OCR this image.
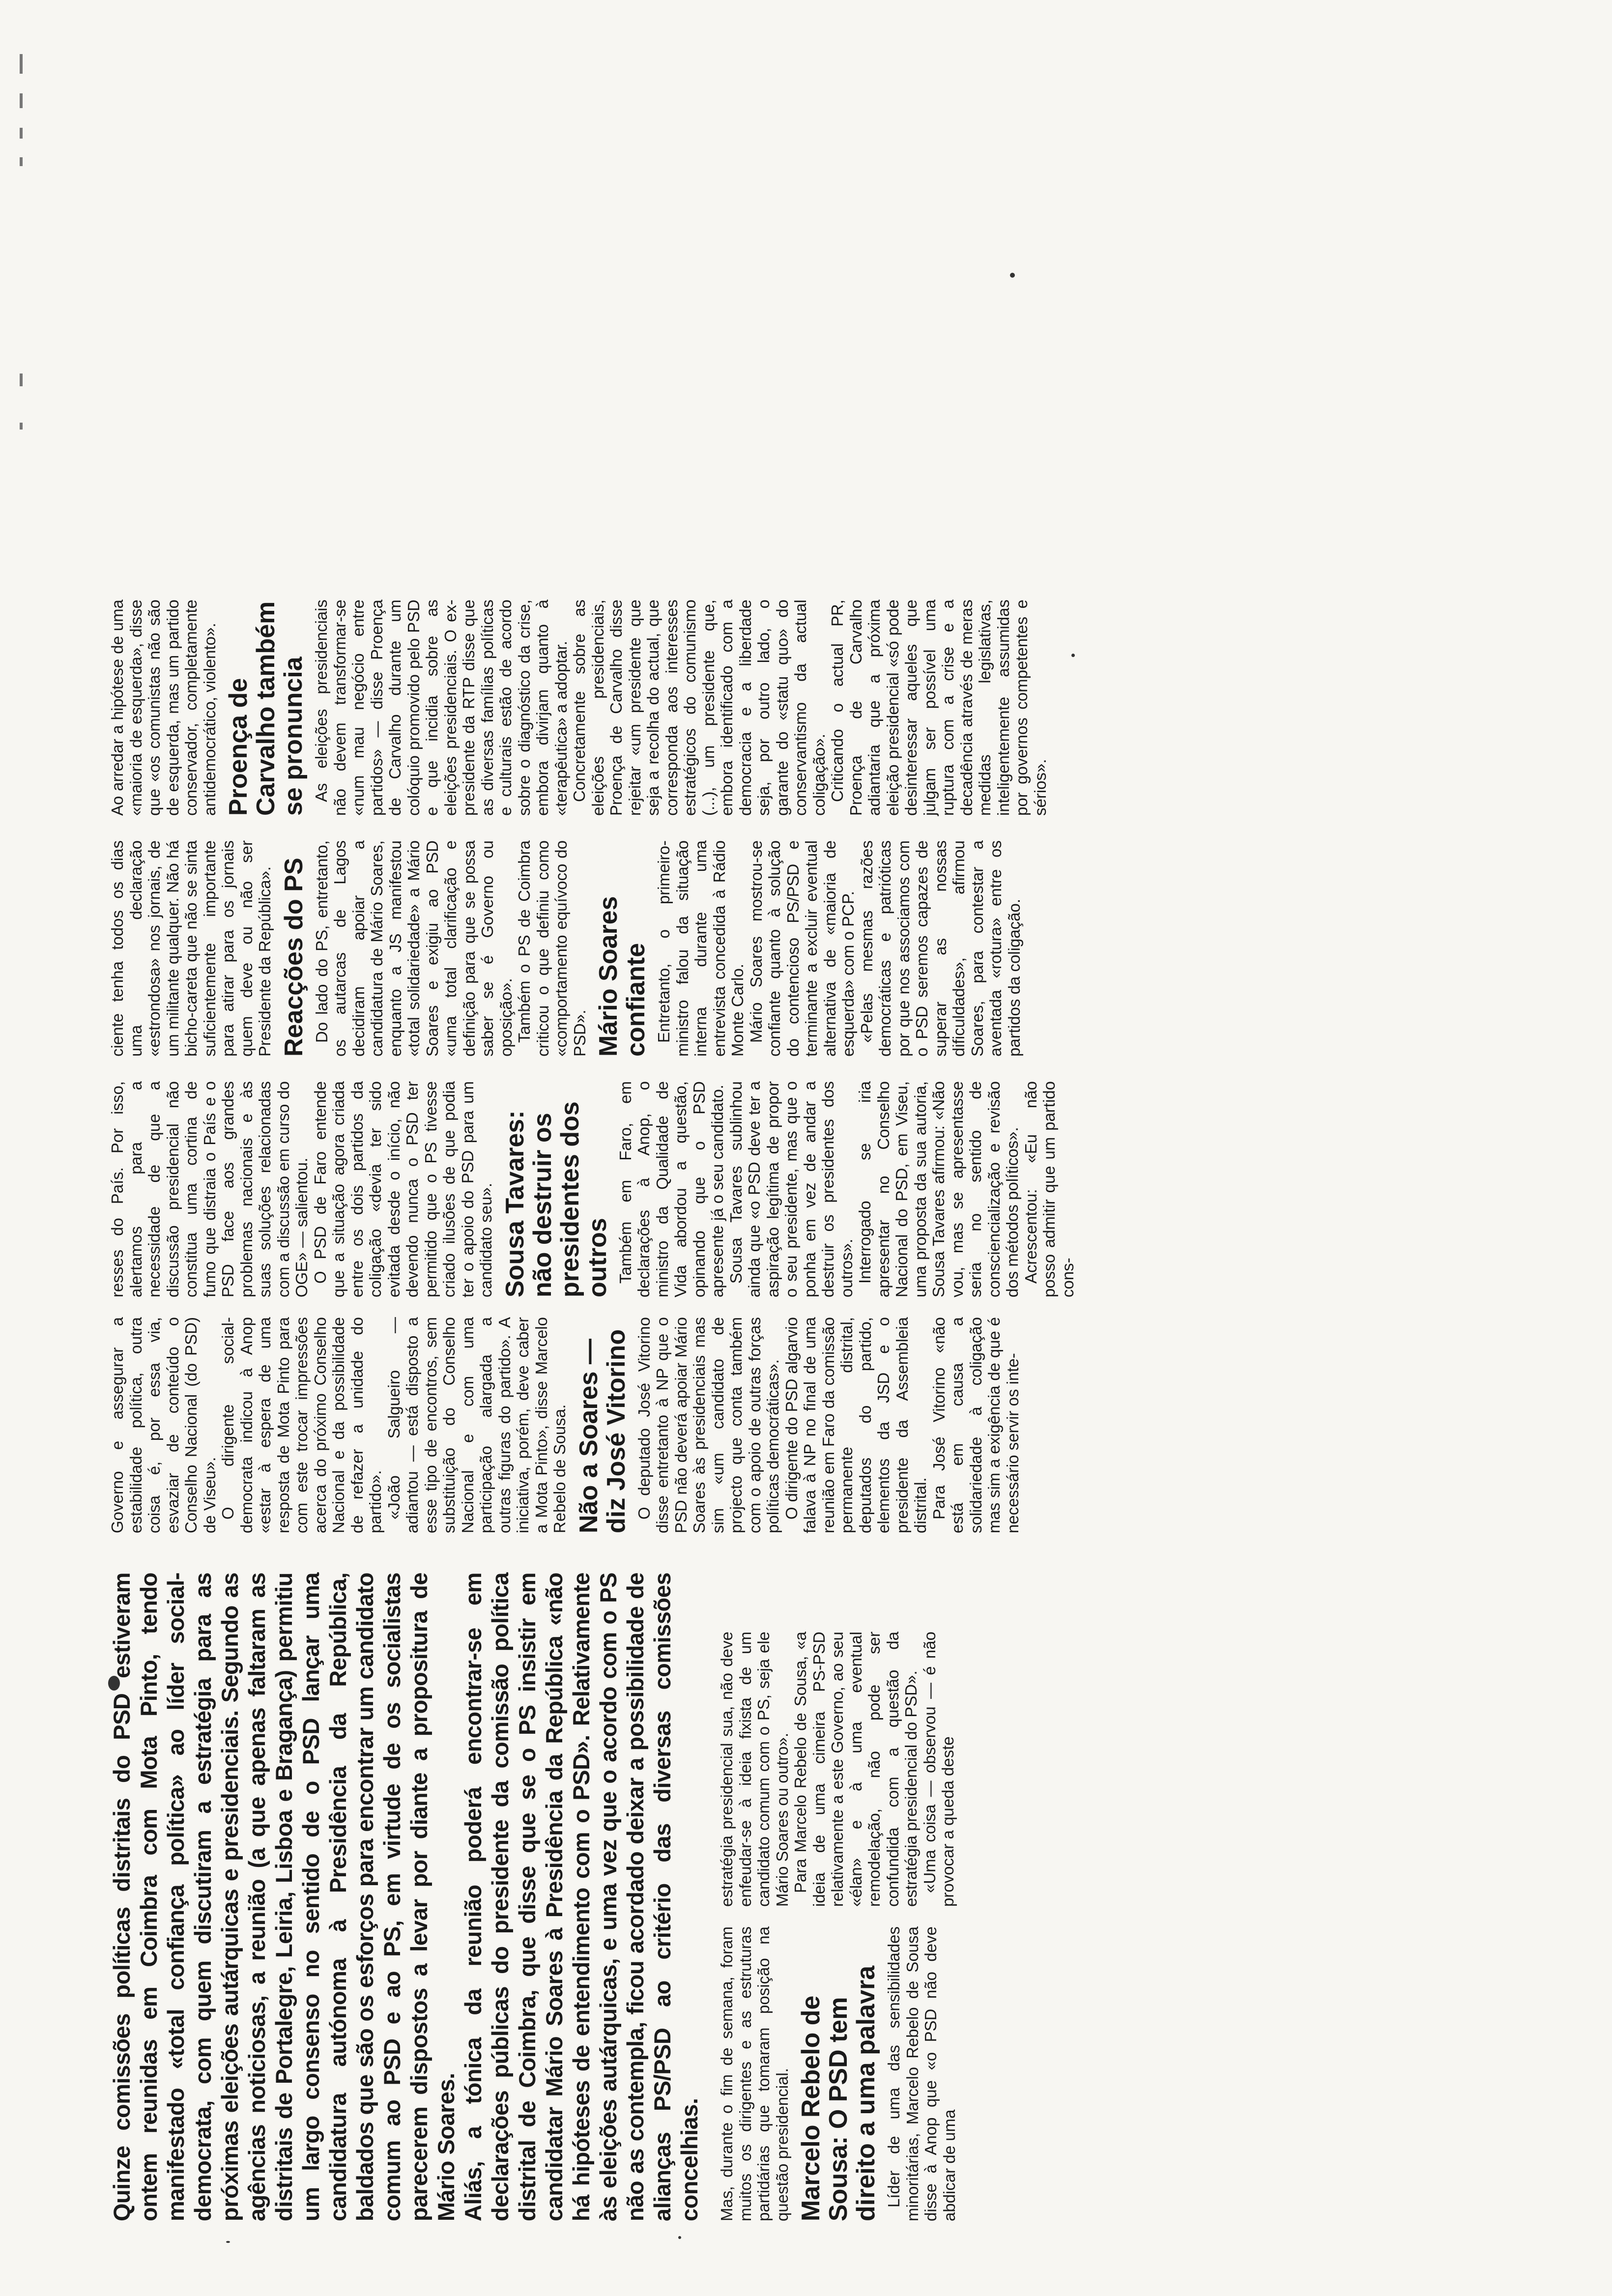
Quinze comissões políticas distritais do PSD estiveram ontem reunidas em Coimbra com Mota Pinto, tendo manifestado «total confiança política» ao líder social-democrata, com quem discutiram a estratégia para as próximas eleições autárquicas e presidenciais. Segundo as agências noticiosas, a reunião (a que apenas faltaram as distritais de Portalegre, Leiria, Lisboa e Bragança) permitiu um largo consenso no sentido de o PSD lançar uma candidatura autónoma à Presidência da República, baldados que são os esforços para encontrar um candidato comum ao PSD e ao PS, em virtude de os socialistas parecerem dispostos a levar por diante a propositura de Mário Soares. Aliás, a tónica da reunião poderá encontrar-se em declarações públicas do presidente da comissão política distrital de Coimbra, que disse que se o PS insistir em candidatar Mário Soares à Presidência da República «não há hipóteses de entendimento com o PSD». Relativamente às eleições autárquicas, e uma vez que o acordo com o PS não as contempla, ficou acordado deixar a possibilidade de alianças PS/PSD ao critério das diversas comissões concelhias. Mas, durante o fim de semana, foram muitos os dirigentes e as estruturas partidárias que tomaram posição na questão presidencial. Marcelo Rebelo de Sousa: O PSD tem direito a uma palavra Líder de uma das sensibilidades minoritárias, Marcelo Rebelo de Sousa disse à Anop que «o PSD não deve abdicar de uma

estratégia presidencial sua, não deve enfeudar-se à ideia fixista de um candidato comum com o PS, seja ele Mário Soares ou outro». Para Marcelo Rebelo de Sousa, «a ideia de uma cimeira PS-PSD relativamente a este Governo, ao seu «élan» e à uma eventual remodelação, não pode ser confundida com a questão da estratégia presidencial do PSD». «Uma coisa — observou — é não provocar a queda deste

Governo e assegurar a estabilidade política, outra coisa é, por essa via, esvaziar de conteúdo o Conselho Nacional (do PSD) de Viseu». O dirigente social-democrata indicou à Anop «estar à espera de uma resposta de Mota Pinto para com este trocar impressões acerca do próximo Conselho Nacional e da possibilidade de refazer a unidade do partido». «João Salgueiro — adiantou — está disposto a esse tipo de encontros, sem substituição do Conselho Nacional e com uma participação alargada a outras figuras do partido». A iniciativa, porém, deve caber a Mota Pinto», disse Marcelo Rebelo de Sousa. Não a Soares — diz José Vitorino O deputado José Vitorino disse entretanto à NP que o PSD não deverá apoiar Mário Soares às presidenciais mas sim «um candidato de projecto que conta também com o apoio de outras forças políticas democráticas». O dirigente do PSD algarvio falava à NP no final de uma reunião em Faro da comissão permanente distrital, deputados do partido, elementos da JSD e o presidente da Assembleia distrital. Para José Vitorino «não está em causa a solidariedade à coligação mas sim a exigência de que é necessário servir os inte-

resses do País. Por isso, alertamos para a necessidade de que a discussão presidencial não constitua uma cortina de fumo que distraia o País e o PSD face aos grandes problemas nacionais e às suas soluções relacionadas com a discussão em curso do OGE» — salientou. O PSD de Faro entende que a situação agora criada entre os dois partidos da coligação «devia ter sido evitada desde o início, não devendo nunca o PSD ter permitido que o PS tivesse criado ilusões de que podia ter o apoio do PSD para um candidato seu». Sousa Tavares: não destruir os presidentes dos outros Também em Faro, em declarações à Anop, o ministro da Qualidade de Vida abordou a questão, opinando que o PSD apresente já o seu candidato. Sousa Tavares sublinhou ainda que «o PSD deve ter a aspiração legítima de propor o seu presidente, mas que o ponha em vez de andar a destruir os presidentes dos outros». Interrogado se iria apresentar no Conselho Nacional do PSD, em Viseu, uma proposta da sua autoria, Sousa Tavares afirmou: «Não vou, mas se apresentasse seria no sentido de consciencialização e revisão dos métodos políticos». Acrescentou: «Eu não posso admitir que um partido cons-

ciente tenha todos os dias uma declaração «estrondosa» nos jornais, de um militante qualquer. Não há bicho-careta que não se sinta suficientemente importante para atirar para os jornais quem deve ou não ser Presidente da República». Reacções do PS Do lado do PS, entretanto, os autarcas de Lagos decidiram apoiar a candidatura de Mário Soares, enquanto a JS manifestou «total solidariedade» a Mário Soares e exigiu ao PSD «uma total clarificação e definição para que se possa saber se é Governo ou oposição». Também o PS de Coimbra criticou o que definiu como «comportamento equívoco do PSD». Mário Soares confiante Entretanto, o primeiro-ministro falou da situação interna durante uma entrevista concedida à Rádio Monte Carlo. Mário Soares mostrou-se confiante quanto à solução do contencioso PS/PSD e terminante a excluir eventual alternativa de «maioria de esquerda» com o PCP. «Pelas mesmas razões democráticas e patrióticas por que nos associamos com o PSD seremos capazes de superar as nossas dificuldades», afirmou Soares, para contestar a aventada «rotura» entre os partidos da coligação.

Ao arredar a hipótese de uma «maioria de esquerda», disse que «os comunistas não são de esquerda, mas um partido conservador, completamente antidemocrático, violento». Proença de Carvalho também se pronuncia As eleições presidenciais não devem transformar-se «num mau negócio entre partidos» — disse Proença de Carvalho durante um colóquio promovido pelo PSD e que incidia sobre as eleições presidenciais. O ex-presidente da RTP disse que as diversas famílias políticas e culturais estão de acordo sobre o diagnóstico da crise, embora divirjam quanto à «terapêutica» a adoptar. Concretamente sobre as eleições presidenciais, Proença de Carvalho disse rejeitar «um presidente que seja a recolha do actual, que corresponda aos interesses estratégicos do comunismo (...), um presidente que, embora identificado com a democracia e a liberdade seja, por outro lado, o garante do «statu quo» do conservantismo da actual coligação». Criticando o actual PR, Proença de Carvalho adiantaria que a próxima eleição presidencial «só pode desinteressar aqueles que julgam ser possível uma ruptura com a crise e a decadência através de meras medidas legislativas, inteligentemente assumidas por governos competentes e sérios».
